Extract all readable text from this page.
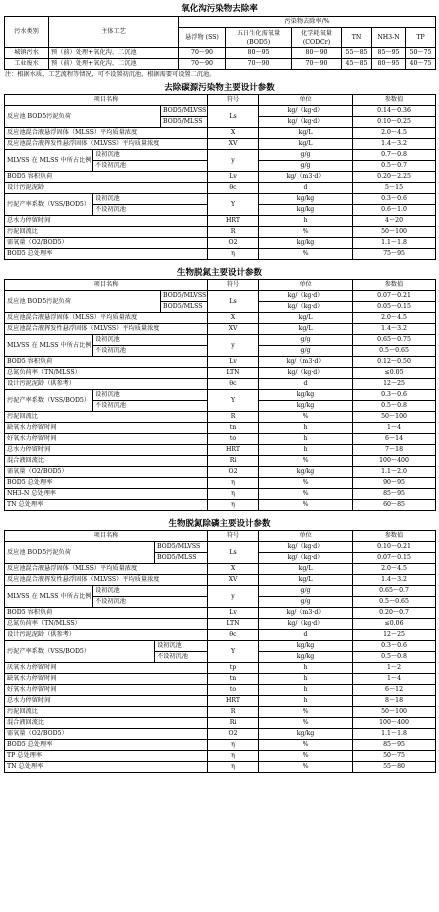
氧化沟污染物去除率
污水类别	主体工艺	污染物去除率/%					
		悬浮物 (SS)	五日生化需氧量 (BOD5)	化学耗氧量 (CODCr)	TN	NH3-N	TP
城镇污水	预（前）处理+氧化沟、二沉池	70～90	80～95	80～90	55～85	85～95	50～75
工业废水	预（前）处理+氧化沟、二沉池	70～90	70～90	70～90	45～85	80～95	40～75
注：根据水质、工艺流程等情况，可不设置初沉池，根据需要可设置二沉池。
去除碳源污染物主要设计参数
项目名称			符号	单位	参数值
反应池 BOD5污泥负荷		BOD5/MLVSS	Ls	kg/（kg·d）	0.14～0.36
		BOD5/MLSS		kg/（kg·d）	0.10～0.25
反应池混合液悬浮固体（MLSS）平均质量浓度			X	kg/L	2.0～4.5
反应池混合液挥发性悬浮固体（MLVSS）平均质量浓度			XV	kg/L	1.4～3.2
MLVSS 在 MLSS 中所占比例	设初沉池		y	g/g	0.7～0.8
	不设初沉池			g/g	0.5～0.7
BOD5 容积负荷			Lv	kg/（m3·d）	0.20～2.25
设计污泥泥龄			θc	d	5～15
污泥产率系数（VSS/BOD5）	设初沉池		Y	kg/kg	0.3～0.6
	不设初沉池			kg/kg	0.6～1.0
总水力停留时间			HRT	h	4～20
污泥回流比			R	%	50～100
需氧量（O2/BOD5）			O2	kg/kg	1.1～1.8
BOD5 总处理率			η	%	75～95
生物脱氮主要设计参数
项目名称			符号	单位	参数值
反应池 BOD5污泥负荷		BOD5/MLVSS	Ls	kg/（kg·d）	0.07～0.21
		BOD5/MLSS		kg/（kg·d）	0.05～0.15
反应池混合液悬浮固体（MLSS）平均质量浓度			X	kg/L	2.0～4.5
反应池混合液挥发性悬浮固体（MLVSS）平均质量浓度			XV	kg/L	1.4～3.2
MLVSS 在 MLSS 中所占比例	设初沉池		y	g/g	0.65～0.75
	不设初沉池			g/g	0.5～0.65
BOD5 容积负荷			Lv	kg/（m3·d）	0.12～0.50
总氮负荷率（TN/MLSS）			LTN	kg/（kg·d）	≤0.05
设计污泥泥龄（供参考）			θc	d	12～25
污泥产率系数（VSS/BOD5）	设初沉池		Y	kg/kg	0.3～0.6
	不设初沉池			kg/kg	0.5～0.8
污泥回流比			R	%	50～100
缺氧水力停留时间			tn	h	1～4
好氧水力停留时间			to	h	6～14
总水力停留时间			HRT	h	7～18
混合液回流比			Ri	%	100～400
需氧量（O2/BOD5）			O2	kg/kg	1.1～2.0
BOD5 总处理率			η	%	90～95
NH3-N 总处理率			η	%	85～95
TN 总处理率			η	%	60～85
生物脱氮除磷主要设计参数
项目名称			符号	单位	参数值
反应池 BOD5污泥负荷		BOD5/MLVSS	Ls	kg/（kg·d）	0.10～0.21
		BOD5/MLSS		kg/（kg·d）	0.07～0.15
反应池混合液悬浮固体（MLSS）平均质量浓度			X	kg/L	2.0～4.5
反应池混合液挥发性悬浮固体（MLVSS）平均质量浓度			XV	kg/L	1.4～3.2
MLVSS 在 MLSS 中所占比例	设初沉池		y	g/g	0.65～0.7
	不设初沉池			g/g	0.5～0.65
BOD5 容积负荷			Lv	kg/（m3·d）	0.20～0.7
总氮负荷率（TN/MLSS）			LTN	kg/（kg·d）	≤0.06
设计污泥泥龄（供参考）			θc	d	12～25
污泥产率系数（VSS/BOD5）		设初沉池	Y	kg/kg	0.3～0.6
		不设初沉池		kg/kg	0.5～0.8
厌氧水力停留时间			tp	h	1～2
缺氧水力停留时间			tn	h	1～4
好氧水力停留时间			to	h	6～12
总水力停留时间			HRT	h	8～18
污泥回流比			R	%	50～100
混合液回流比			Ri	%	100～400
需氧量（O2/BOD5）			O2	kg/kg	1.1～1.8
BOD5 总处理率			η	%	85～95
TP 总处理率			η	%	50～75
TN 总处理率			η	%	55～80
